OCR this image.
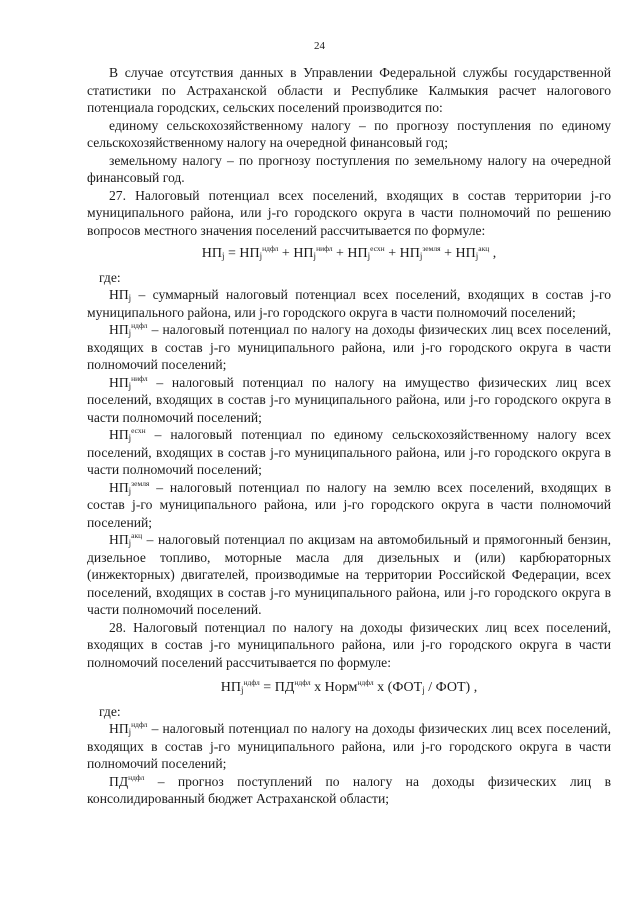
24

В случае отсутствия данных в Управлении Федеральной службы государственной статистики по Астраханской области и Республике Калмыкия расчет налогового потенциала городских, сельских поселений производится по:

единому сельскохозяйственному налогу – по прогнозу поступления по единому сельскохозяйственному налогу на очередной финансовый год;

земельному налогу – по прогнозу поступления по земельному налогу на очередной финансовый год.

27. Налоговый потенциал всех поселений, входящих в состав территории j-го муниципального района, или j-го городского округа в части полномочий по решению вопросов местного значения поселений рассчитывается по формуле:

$НП_j = НП_j^{ндфл} + НП_j^{нифл} + НП_j^{есхн} + НП_j^{земля} + НП_j^{акц}$ ,

где:

$НП_j$ – суммарный налоговый потенциал всех поселений, входящих в состав j-го муниципального района, или j-го городского округа в части полномочий поселений;

$НП_j^{ндфл}$ – налоговый потенциал по налогу на доходы физических лиц всех поселений, входящих в состав j-го муниципального района, или j-го городского округа в части полномочий поселений;

$НП_j^{нифл}$ – налоговый потенциал по налогу на имущество физических лиц всех поселений, входящих в состав j-го муниципального района, или j-го городского округа в части полномочий поселений;

$НП_j^{есхн}$ – налоговый потенциал по единому сельскохозяйственному налогу всех поселений, входящих в состав j-го муниципального района, или j-го городского округа в части полномочий поселений;

$НП_j^{земля}$ – налоговый потенциал по налогу на землю всех поселений, входящих в состав j-го муниципального района, или j-го городского округа в части полномочий поселений;

$НП_j^{акц}$ – налоговый потенциал по акцизам на автомобильный и прямогонный бензин, дизельное топливо, моторные масла для дизельных и (или) карбюраторных (инжекторных) двигателей, производимые на территории Российской Федерации, всех поселений, входящих в состав j-го муниципального района, или j-го городского округа в части полномочий поселений.

28. Налоговый потенциал по налогу на доходы физических лиц всех поселений, входящих в состав j-го муниципального района, или j-го городского округа в части полномочий поселений рассчитывается по формуле:

$НП_j^{ндфл} = ПД^{ндфл}$ х Норм$^{ндфл}$ х $(ФОТ_j / ФОТ)$ ,

где:

$НП_j^{ндфл}$ – налоговый потенциал по налогу на доходы физических лиц всех поселений, входящих в состав j-го муниципального района, или j-го городского округа в части полномочий поселений;

$ПД^{ндфл}$ – прогноз поступлений по налогу на доходы физических лиц в консолидированный бюджет Астраханской области;
